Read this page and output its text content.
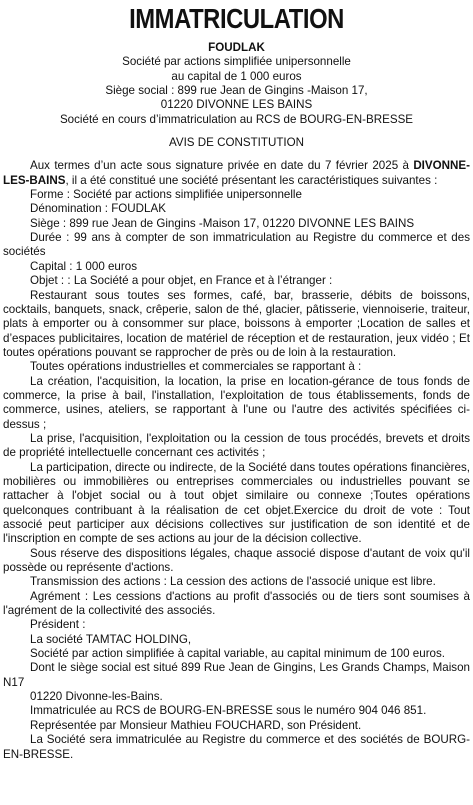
IMMATRICULATION
FOUDLAK
Société par actions simplifiée unipersonnelle
au capital de 1 000 euros
Siège social : 899 rue Jean de Gingins -Maison 17,
01220 DIVONNE LES BAINS
Société en cours d’immatriculation au RCS de BOURG-EN-BRESSE
AVIS DE CONSTITUTION

Aux termes d’un acte sous signature privée en date du 7 février 2025 à DIVONNE-LES-BAINS, il a été constitué une société présentant les caractéristiques suivantes :

Forme : Société par actions simplifiée unipersonnelle

Dénomination : FOUDLAK

Siège : 899 rue Jean de Gingins -Maison 17, 01220 DIVONNE LES BAINS

Durée : 99 ans à compter de son immatriculation au Registre du commerce et des sociétés

Capital : 1 000 euros

Objet : : La Société a pour objet, en France et à l’étranger :

Restaurant sous toutes ses formes, café, bar, brasserie, débits de boissons, cocktails, banquets, snack, crêperie, salon de thé, glacier, pâtisserie, viennoiserie, traiteur, plats à emporter ou à consommer sur place, boissons à emporter ;Location de salles et d’espaces publicitaires, location de matériel de réception et de restauration, jeux vidéo ; Et toutes opérations pouvant se rapprocher de près ou de loin à la restauration.

Toutes opérations industrielles et commerciales se rapportant à :

La création, l'acquisition, la location, la prise en location-gérance de tous fonds de commerce, la prise à bail, l'installation, l'exploitation de tous établissements, fonds de commerce, usines, ateliers, se rapportant à l'une ou l'autre des activités spécifiées ci-dessus ;

La prise, l'acquisition, l'exploitation ou la cession de tous procédés, brevets et droits de propriété intellectuelle concernant ces activités ;

La participation, directe ou indirecte, de la Société dans toutes opérations financières, mobilières ou immobilières ou entreprises commerciales ou industrielles pouvant se rattacher à l'objet social ou à tout objet similaire ou connexe ;Toutes opérations quelconques contribuant à la réalisation de cet objet.Exercice du droit de vote : Tout associé peut participer aux décisions collectives sur justification de son identité et de l'inscription en compte de ses actions au jour de la décision collective.

Sous réserve des dispositions légales, chaque associé dispose d'autant de voix qu'il possède ou représente d'actions.

Transmission des actions : La cession des actions de l'associé unique est libre.

Agrément : Les cessions d'actions au profit d'associés ou de tiers sont soumises à l'agrément de la collectivité des associés.

Président :

La société TAMTAC HOLDING,

Société par action simplifiée à capital variable, au capital minimum de 100 euros.

Dont le siège social est situé 899 Rue Jean de Gingins, Les Grands Champs, Maison N17

01220 Divonne-les-Bains.

Immatriculée au RCS de BOURG-EN-BRESSE sous le numéro 904 046 851.

Représentée par Monsieur Mathieu FOUCHARD, son Président.

La Société sera immatriculée au Registre du commerce et des sociétés de BOURG-EN-BRESSE.
